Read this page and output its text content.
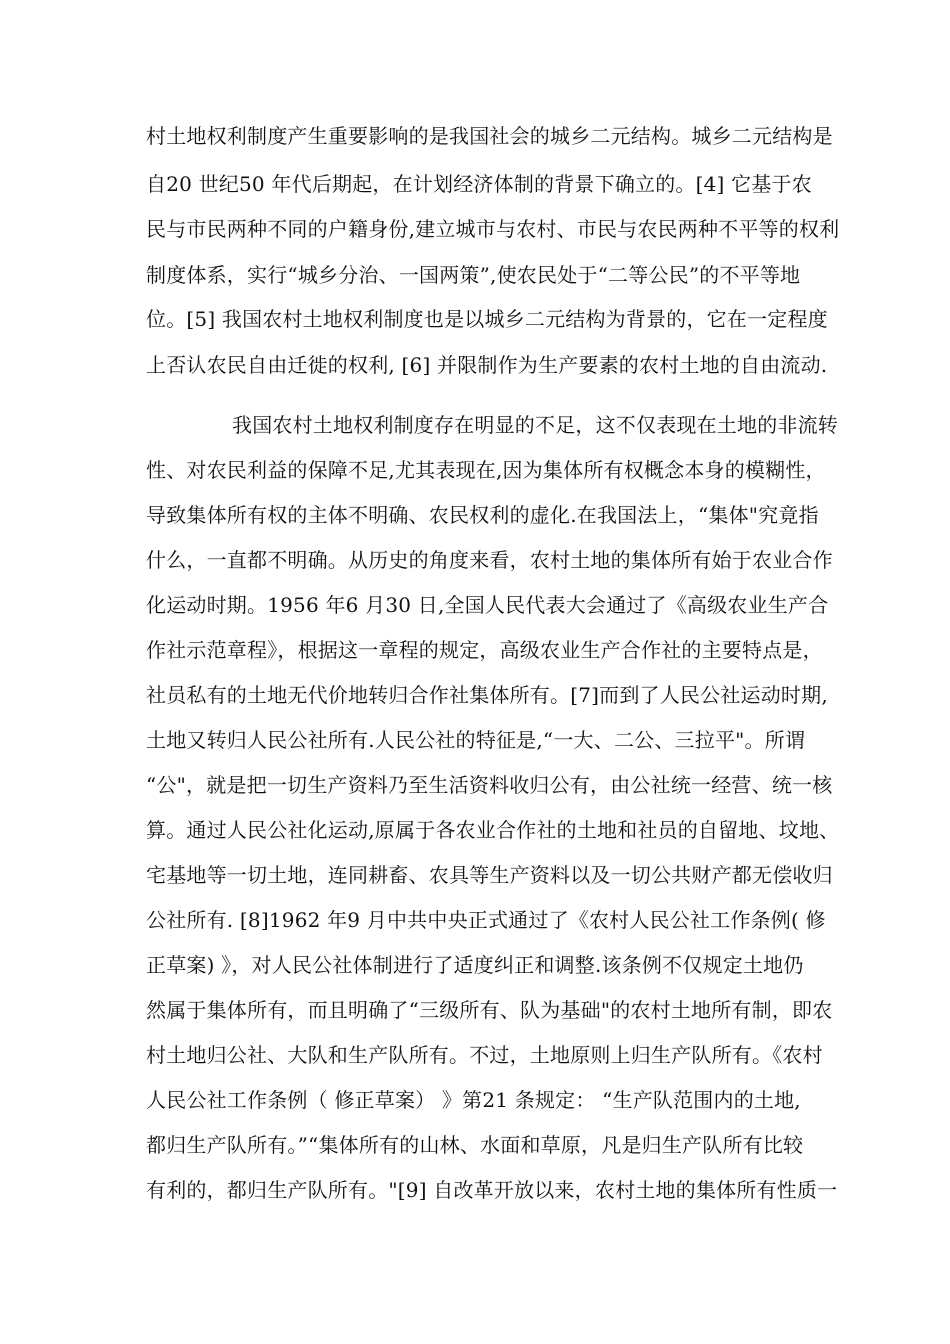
村土地权利制度产生重要影响的是我国社会的城乡二元结构。城乡二元结构是
自20 世纪50 年代后期起，在计划经济体制的背景下确立的。[4] 它基于农
民与市民两种不同的户籍身份,建立城市与农村、市民与农民两种不平等的权利
制度体系，实行“城乡分治、一国两策”,使农民处于“二等公民”的不平等地
位。[5] 我国农村土地权利制度也是以城乡二元结构为背景的，它在一定程度
上否认农民自由迁徙的权利, [6] 并限制作为生产要素的农村土地的自由流动.
我国农村土地权利制度存在明显的不足，这不仅表现在土地的非流转
性、对农民利益的保障不足,尤其表现在,因为集体所有权概念本身的模糊性，
导致集体所有权的主体不明确、农民权利的虚化.在我国法上，“集体"究竟指
什么，一直都不明确。从历史的角度来看，农村土地的集体所有始于农业合作
化运动时期。1956 年6 月30 日,全国人民代表大会通过了《高级农业生产合
作社示范章程》，根据这一章程的规定，高级农业生产合作社的主要特点是，
社员私有的土地无代价地转归合作社集体所有。[7]而到了人民公社运动时期,
土地又转归人民公社所有.人民公社的特征是,“一大、二公、三拉平"。所谓
“公"，就是把一切生产资料乃至生活资料收归公有，由公社统一经营、统一核
算。通过人民公社化运动,原属于各农业合作社的土地和社员的自留地、坟地、
宅基地等一切土地，连同耕畜、农具等生产资料以及一切公共财产都无偿收归
公社所有. [8]1962 年9 月中共中央正式通过了《农村人民公社工作条例( 修
正草案) 》，对人民公社体制进行了适度纠正和调整.该条例不仅规定土地仍
然属于集体所有，而且明确了“三级所有、队为基础"的农村土地所有制，即农
村土地归公社、大队和生产队所有。不过，土地原则上归生产队所有。《农村
人民公社工作条例（ 修正草案） 》第21 条规定： “生产队范围内的土地,
都归生产队所有。”“集体所有的山林、水面和草原，凡是归生产队所有比较
有利的，都归生产队所有。"[9] 自改革开放以来，农村土地的集体所有性质一
